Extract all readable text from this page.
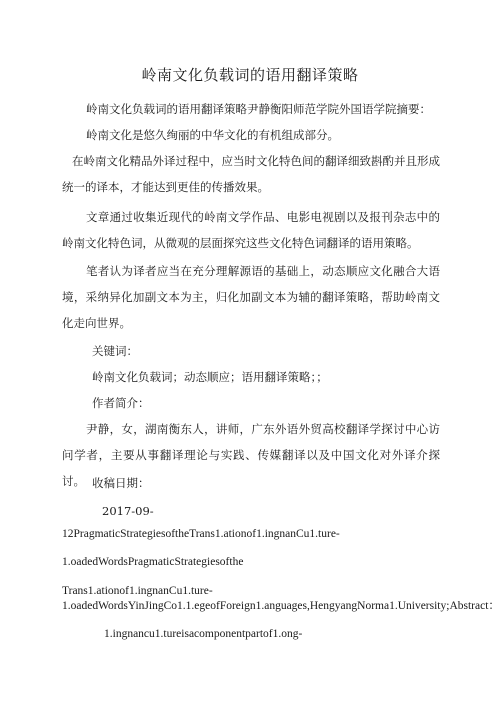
岭南文化负载词的语用翻译策略

岭南文化负载词的语用翻译策略尹静衡阳师范学院外国语学院摘要：

岭南文化是悠久绚丽的中华文化的有机组成部分。

在岭南文化精品外译过程中，应当时文化特色间的翻译细致斟酌并且形成统一的译本，才能达到更佳的传播效果。

文章通过收集近现代的岭南文学作品、电影电视剧以及报刊杂志中的岭南文化特色词，从微观的层面探究这些文化特色词翻译的语用策略。

笔者认为译者应当在充分理解源语的基础上，动态顺应文化融合大语境，采纳异化加副文本为主，归化加副文本为辅的翻译策略，帮助岭南文化走向世界。

关键词：

岭南文化负载词；动态顺应；语用翻译策略；；

作者简介：

尹静，女，湖南衡东人，讲师，广东外语外贸高校翻译学探讨中心访问学者，主要从事翻译理论与实践、传媒翻译以及中国文化对外译介探讨。 收稿日期：

2017-09-

12PragmaticStrategiesoftheTrans1.ationof1.ingnanCu1.ture-

1.oadedWordsPragmaticStrategiesofthe

Trans1.ationof1.ingnanCu1.ture-1.oadedWordsYinJingCo1.1.egeofForeign1.anguages,HengyangNorma1.University;Abstract：

1.ingnancu1.tureisacomponentpartof1.ong-
